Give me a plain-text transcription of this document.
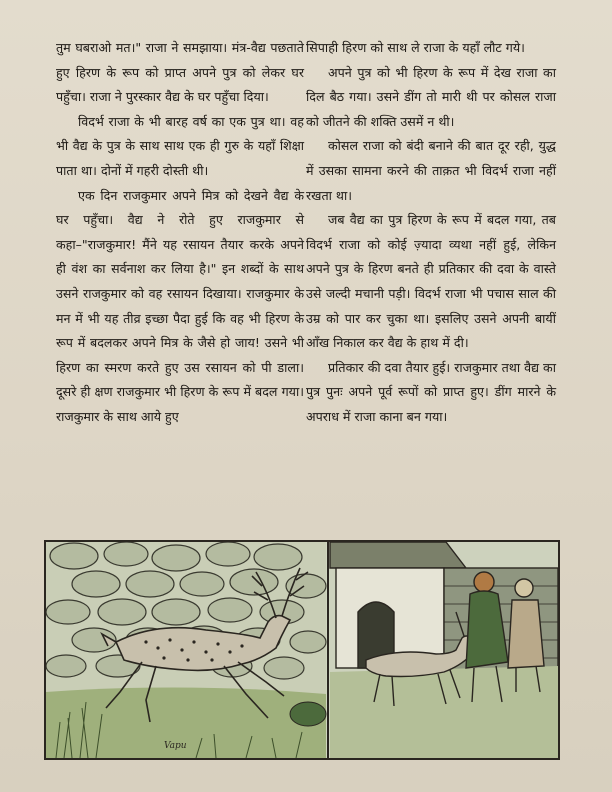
तुम घबराओ मत।" राजा ने समझाया। मंत्र-वैद्य पछताते हुए हिरण के रूप को प्राप्त अपने पुत्र को लेकर घर पहुँचा। राजा ने पुरस्कार वैद्य के घर पहुँचा दिया।

विदर्भ राजा के भी बारह वर्ष का एक पुत्र था। वह भी वैद्य के पुत्र के साथ साथ एक ही गुरु के यहाँ शिक्षा पाता था। दोनों में गहरी दोस्ती थी।

एक दिन राजकुमार अपने मित्र को देखने वैद्य के घर पहुँचा। वैद्य ने रोते हुए राजकुमार से कहा–"राजकुमार! मैंने यह रसायन तैयार करके अपने ही वंश का सर्वनाश कर लिया है।" इन शब्दों के साथ उसने राजकुमार को वह रसायन दिखाया। राजकुमार के मन में भी यह तीव्र इच्छा पैदा हुई कि वह भी हिरण के रूप में बदलकर अपने मित्र के जैसे हो जाय! उसने भी हिरण का स्मरण करते हुए उस रसायन को पी डाला। दूसरे ही क्षण राजकुमार भी हिरण के रूप में बदल गया। राजकुमार के साथ आये हुए

सिपाही हिरण को साथ ले राजा के यहाँ लौट गये।

अपने पुत्र को भी हिरण के रूप में देख राजा का दिल बैठ गया। उसने डींग तो मारी थी पर कोसल राजा को जीतने की शक्ति उसमें न थी।

कोसल राजा को बंदी बनाने की बात दूर रही, युद्ध में उसका सामना करने की ताक़त भी विदर्भ राजा नहीं रखता था।

जब वैद्य का पुत्र हिरण के रूप में बदल गया, तब विदर्भ राजा को कोई ज़्यादा व्यथा नहीं हुई, लेकिन अपने पुत्र के हिरण बनते ही प्रतिकार की दवा के वास्ते उसे जल्दी मचानी पड़ी। विदर्भ राजा भी पचास साल की उम्र को पार कर चुका था। इसलिए उसने अपनी बायीं आँख निकाल कर वैद्य के हाथ में दी।

प्रतिकार की दवा तैयार हुई। राजकुमार तथा वैद्य का पुत्र पुनः अपने पूर्व रूपों को प्राप्त हुए। डींग मारने के अपराध में राजा काना बन गया।

Vapu
